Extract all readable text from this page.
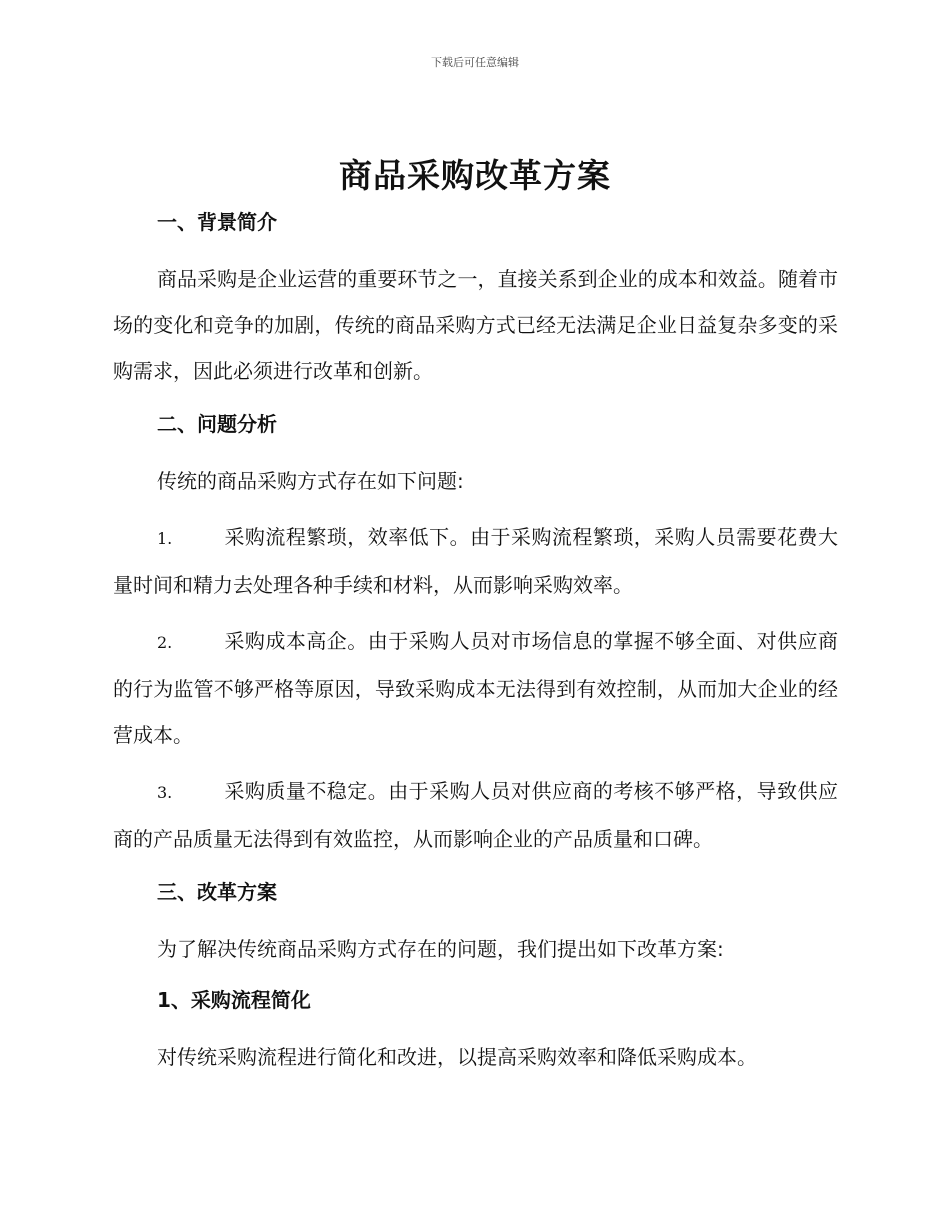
下载后可任意编辑
商品采购改革方案

一、背景简介

商品采购是企业运营的重要环节之一，直接关系到企业的成本和效益。随着市场的变化和竞争的加剧，传统的商品采购方式已经无法满足企业日益复杂多变的采购需求，因此必须进行改革和创新。

二、问题分析

传统的商品采购方式存在如下问题:

1.	采购流程繁琐，效率低下。由于采购流程繁琐，采购人员需要花费大量时间和精力去处理各种手续和材料，从而影响采购效率。

2.	采购成本高企。由于采购人员对市场信息的掌握不够全面、对供应商的行为监管不够严格等原因，导致采购成本无法得到有效控制，从而加大企业的经营成本。

3.	采购质量不稳定。由于采购人员对供应商的考核不够严格，导致供应商的产品质量无法得到有效监控，从而影响企业的产品质量和口碑。

三、改革方案

为了解决传统商品采购方式存在的问题，我们提出如下改革方案:

1、采购流程简化

对传统采购流程进行简化和改进，以提高采购效率和降低采购成本。
